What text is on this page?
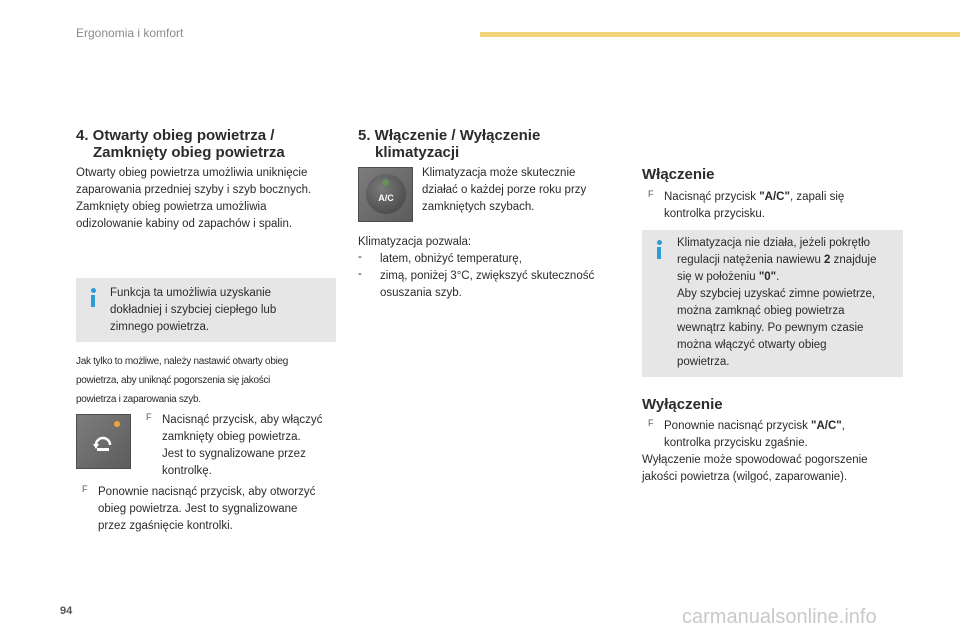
Ergonomia i komfort
4. Otwarty obieg powietrza /
Zamknięty obieg powietrza

Otwarty obieg powietrza umożliwia uniknięcie

zaparowania przedniej szyby i szyb bocznych.

Zamknięty obieg powietrza umożliwia

odizolowanie kabiny od zapachów i spalin.

Funkcja ta umożliwia uzyskanie

dokładniej i szybciej ciepłego lub

zimnego powietrza.

Jak tylko to możliwe, należy nastawić otwarty obieg
powietrza, aby uniknąć pogorszenia się jakości
powietrza i zaparowania szyb.
F Nacisnąć przycisk, aby włączyć
zamknięty obieg powietrza.
Jest to sygnalizowane przez
kontrolkę.
F Ponownie nacisnąć przycisk, aby otworzyć
obieg powietrza. Jest to sygnalizowane
przez zgaśnięcie kontrolki.
5. Włączenie / Wyłączenie
klimatyzacji
A/C

Klimatyzacja może skutecznie

działać o każdej porze roku przy

zamkniętych szybach.

Klimatyzacja pozwala:

-	latem, obniżyć temperaturę,
-	zimą, poniżej 3°C, zwiększyć skuteczność
osuszania szyb.
Włączenie
F Nacisnąć przycisk "A/C", zapali się
kontrolka przycisku.

Klimatyzacja nie działa, jeżeli pokrętło

regulacji natężenia nawiewu 2 znajduje

się w położeniu "0".

Aby szybciej uzyskać zimne powietrze,

można zamknąć obieg powietrza

wewnątrz kabiny. Po pewnym czasie

można włączyć otwarty obieg

powietrza.

Wyłączenie
F Ponownie nacisnąć przycisk "A/C",
kontrolka przycisku zgaśnie.

Wyłączenie może spowodować pogorszenie

jakości powietrza (wilgoć, zaparowanie).

94	carmanualsonline.info
